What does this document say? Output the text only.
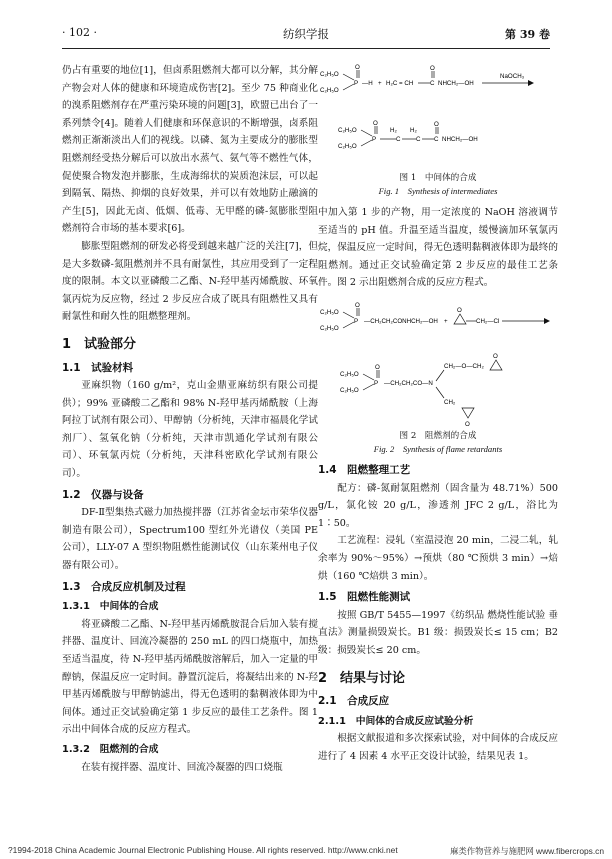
· 102 ·	纺织学报	第 39 卷

仍占有重要的地位[1]，但卤系阻燃剂大都可以分解，其分解产物会对人体的健康和环境造成伤害[2]。至少 75 种商业化的溴系阻燃剂存在严重污染环境的问题[3]，欧盟已出台了一系列禁令[4]。随着人们健康和环保意识的不断增强，卤系阻燃剂正渐渐淡出人们的视线。以磷、氮为主要成分的膨胀型阻燃剂经受热分解后可以放出水蒸气、氨气等不燃性气体，促使聚合物发泡并膨胀，生成海绵状的炭质泡沫层，可以起到隔氧、隔热、抑烟的良好效果，并可以有效地防止融滴的产生[5]，因此无卤、低烟、低毒、无甲醛的磷-氮膨胀型阻燃剂符合市场的基本要求[6]。

膨胀型阻燃剂的研发必将受到越来越广泛的关注[7]，但是大多数磷-氮阻燃剂并不具有耐氯性，其应用受到了一定程度的限制。本文以亚磷酸二乙酯、N-羟甲基丙烯酰胺、环氧氯丙烷为反应物，经过 2 步反应合成了既具有阻燃性又具有耐氯性和耐久性的阻燃整理剂。

1　试验部分
1.1　试验材料

亚麻织物（160 g/m²，克山金鼎亚麻纺织有限公司提供）；99% 亚磷酸二乙酯和 98% N-羟甲基丙烯酰胺（上海阿拉丁试剂有限公司）、甲醇钠（分析纯，天津市福晨化学试剂厂）、氢氧化钠（分析纯，天津市凯通化学试剂有限公司）、环氧氯丙烷（分析纯，天津科密欧化学试剂有限公司）。

1.2　仪器与设备

DF-Ⅱ型集热式磁力加热搅拌器（江苏省金坛市荣华仪器制造有限公司），Spectrum100 型红外光谱仪（美国 PE 公司），LLY-07 A 型织物阻燃性能测试仪（山东莱州电子仪器有限公司）。

1.3　合成反应机制及过程
1.3.1　中间体的合成

将亚磷酸二乙酯、N-羟甲基丙烯酰胺混合后加入装有搅拌器、温度计、回流冷凝器的 250 mL 的四口烧瓶中，加热至适当温度，待 N-羟甲基丙烯酰胺溶解后，加入一定量的甲醇钠，保温反应一定时间。静置沉淀后，将凝结出来的 N-羟甲基丙烯酰胺与甲醇钠滤出，得无色透明的黏稠液体即为中间体。通过正交试验确定第 1 步反应的最佳工艺条件。图 1 示出中间体合成的反应方程式。

1.3.2　阻燃剂的合成

在装有搅拌器、温度计、回流冷凝器的四口烧瓶

C₂H₅O
C₂H₅O
P
O
—H + H₂C = CH	C
O
NHCH₂—OH
NaOCH₃
C₂H₅O
C₂H₅O
P
O
H₂
C
H₂
C C
O
NHCH₂—OH
图 1　中间体的合成
Fig. 1　Synthesis of intermediates

中加入第 1 步的产物，用一定浓度的 NaOH 溶液调节至适当的 pH 值。升温至适当温度，缓慢滴加环氧氯丙烷，保温反应一定时间，得无色透明黏稠液体即为最终的阻燃剂。通过正交试验确定第 2 步反应的最佳工艺条件。图 2 示出阻燃剂合成的反应方程式。

C₂H₅O
C₂H₅O
P
O
—CH₂CH₂CONHCH₂—OH +
O
CH₂—Cl
C₂H₅O
C₂H₅O
P
O
—CH₂CH₂CO—N
CH₂—O—CH₂
O
CH₂
O
图 2　阻燃剂的合成
Fig. 2　Synthesis of flame retardants
1.4　阻燃整理工艺

配方：磷-氮耐氯阻燃剂（固含量为 48.71%）500 g/L，氯化铵 20 g/L，渗透剂 JFC 2 g/L，浴比为 1∶50。

工艺流程：浸轧（室温浸泡 20 min，二浸二轧，轧余率为 90%～95%）→预烘（80 ℃预烘 3 min）→焙烘（160 ℃焙烘 3 min）。

1.5　阻燃性能测试

按照 GB/T 5455—1997《纺织品 燃烧性能试验 垂直法》测量损毁炭长。B1 级：损毁炭长≤ 15 cm；B2 级：损毁炭长≤ 20 cm。

2　结果与讨论
2.1　合成反应
2.1.1　中间体的合成反应试验分析

根据文献报道和多次探索试验，对中间体的合成反应进行了 4 因素 4 水平正交设计试验，结果见表 1。

?1994-2018 China Academic Journal Electronic Publishing House. All rights reserved. http://www.cnki.net	麻类作物营养与施肥网 www.fibercrops.cn
